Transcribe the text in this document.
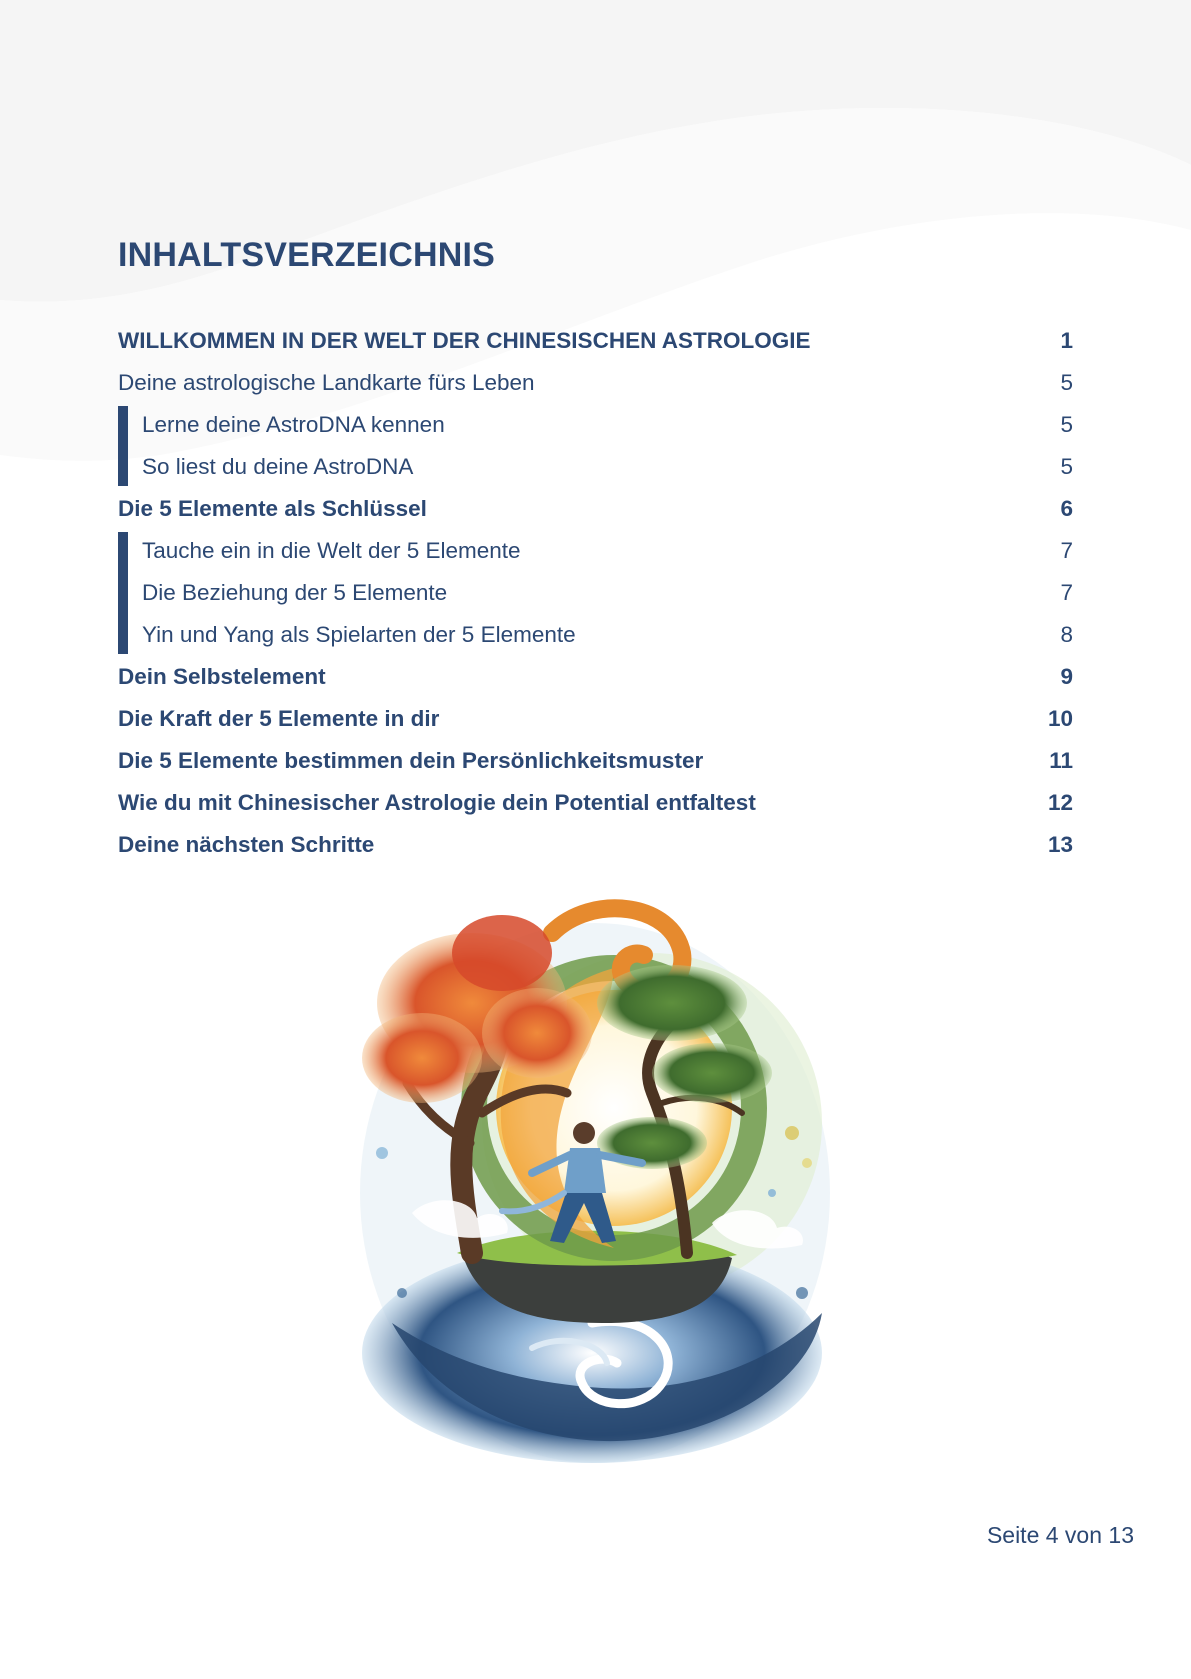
INHALTSVERZEICHNIS
WILLKOMMEN IN DER WELT DER CHINESISCHEN ASTROLOGIE	1
Deine astrologische Landkarte fürs Leben	5
Lerne deine AstroDNA kennen	5
So liest du deine AstroDNA	5
Die 5 Elemente als Schlüssel	6
Tauche ein in die Welt der 5 Elemente	7
Die Beziehung der 5 Elemente	7
Yin und Yang als Spielarten der 5 Elemente	8
Dein Selbstelement	9
Die Kraft der 5 Elemente in dir	10
Die 5 Elemente bestimmen dein Persönlichkeitsmuster	11
Wie du mit Chinesischer Astrologie dein Potential entfaltest	12
Deine nächsten Schritte	13
Seite 4 von 13
